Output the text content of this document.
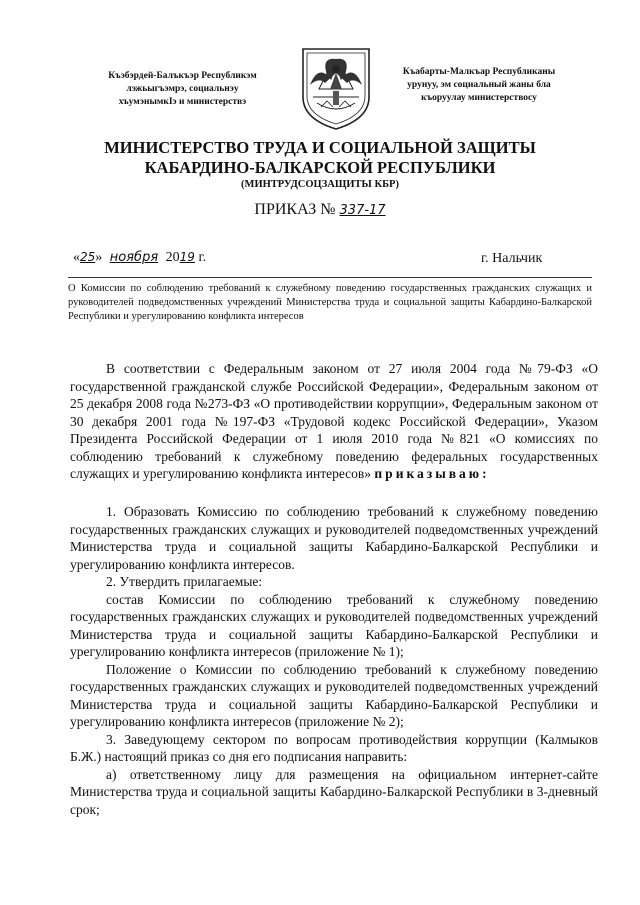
Къэбэрдей-Балъкъэр Республикэм
лэжьыгъэмрэ, социальнэу
хъумэнымкIэ и министерствэ
Къабарты-Малкъар Республиканы
урунуу, эм социальный жаны бла
къоруулау министерствосу
МИНИСТЕРСТВО ТРУДА И СОЦИАЛЬНОЙ ЗАЩИТЫ
КАБАРДИНО-БАЛКАРСКОЙ РЕСПУБЛИКИ
(МИНТРУДСОЦЗАЩИТЫ КБР)
ПРИКАЗ № 337-17
«25» ноября 2019 г.	г. Нальчик
О Комиссии по соблюдению требований к служебному поведению государственных гражданских служащих и руководителей подведомственных учреждений Министерства труда и социальной защиты Кабардино-Балкарской Республики и урегулированию конфликта интересов

В соответствии с Федеральным законом от 27 июля 2004 года №79-ФЗ «О государственной гражданской службе Российской Федерации», Федеральным законом от 25 декабря 2008 года №273-ФЗ «О противодействии коррупции», Федеральным законом от 30 декабря 2001 года №197-ФЗ «Трудовой кодекс Российской Федерации», Указом Президента Российской Федерации от 1 июля 2010 года №821 «О комиссиях по соблюдению требований к служебному поведению федеральных государственных служащих и урегулированию конфликта интересов» приказываю:

1. Образовать Комиссию по соблюдению требований к служебному поведению государственных гражданских служащих и руководителей подведомственных учреждений Министерства труда и социальной защиты Кабардино-Балкарской Республики и урегулированию конфликта интересов.

2. Утвердить прилагаемые:

состав Комиссии по соблюдению требований к служебному поведению государственных гражданских служащих и руководителей подведомственных учреждений Министерства труда и социальной защиты Кабардино-Балкарской Республики и урегулированию конфликта интересов (приложение № 1);

Положение о Комиссии по соблюдению требований к служебному поведению государственных гражданских служащих и руководителей подведомственных учреждений Министерства труда и социальной защиты Кабардино-Балкарской Республики и урегулированию конфликта интересов (приложение № 2);

3. Заведующему сектором по вопросам противодействия коррупции (Калмыков Б.Ж.) настоящий приказ со дня его подписания направить:

а) ответственному лицу для размещения на официальном интернет-сайте Министерства труда и социальной защиты Кабардино-Балкарской Республики в 3-дневный срок;
